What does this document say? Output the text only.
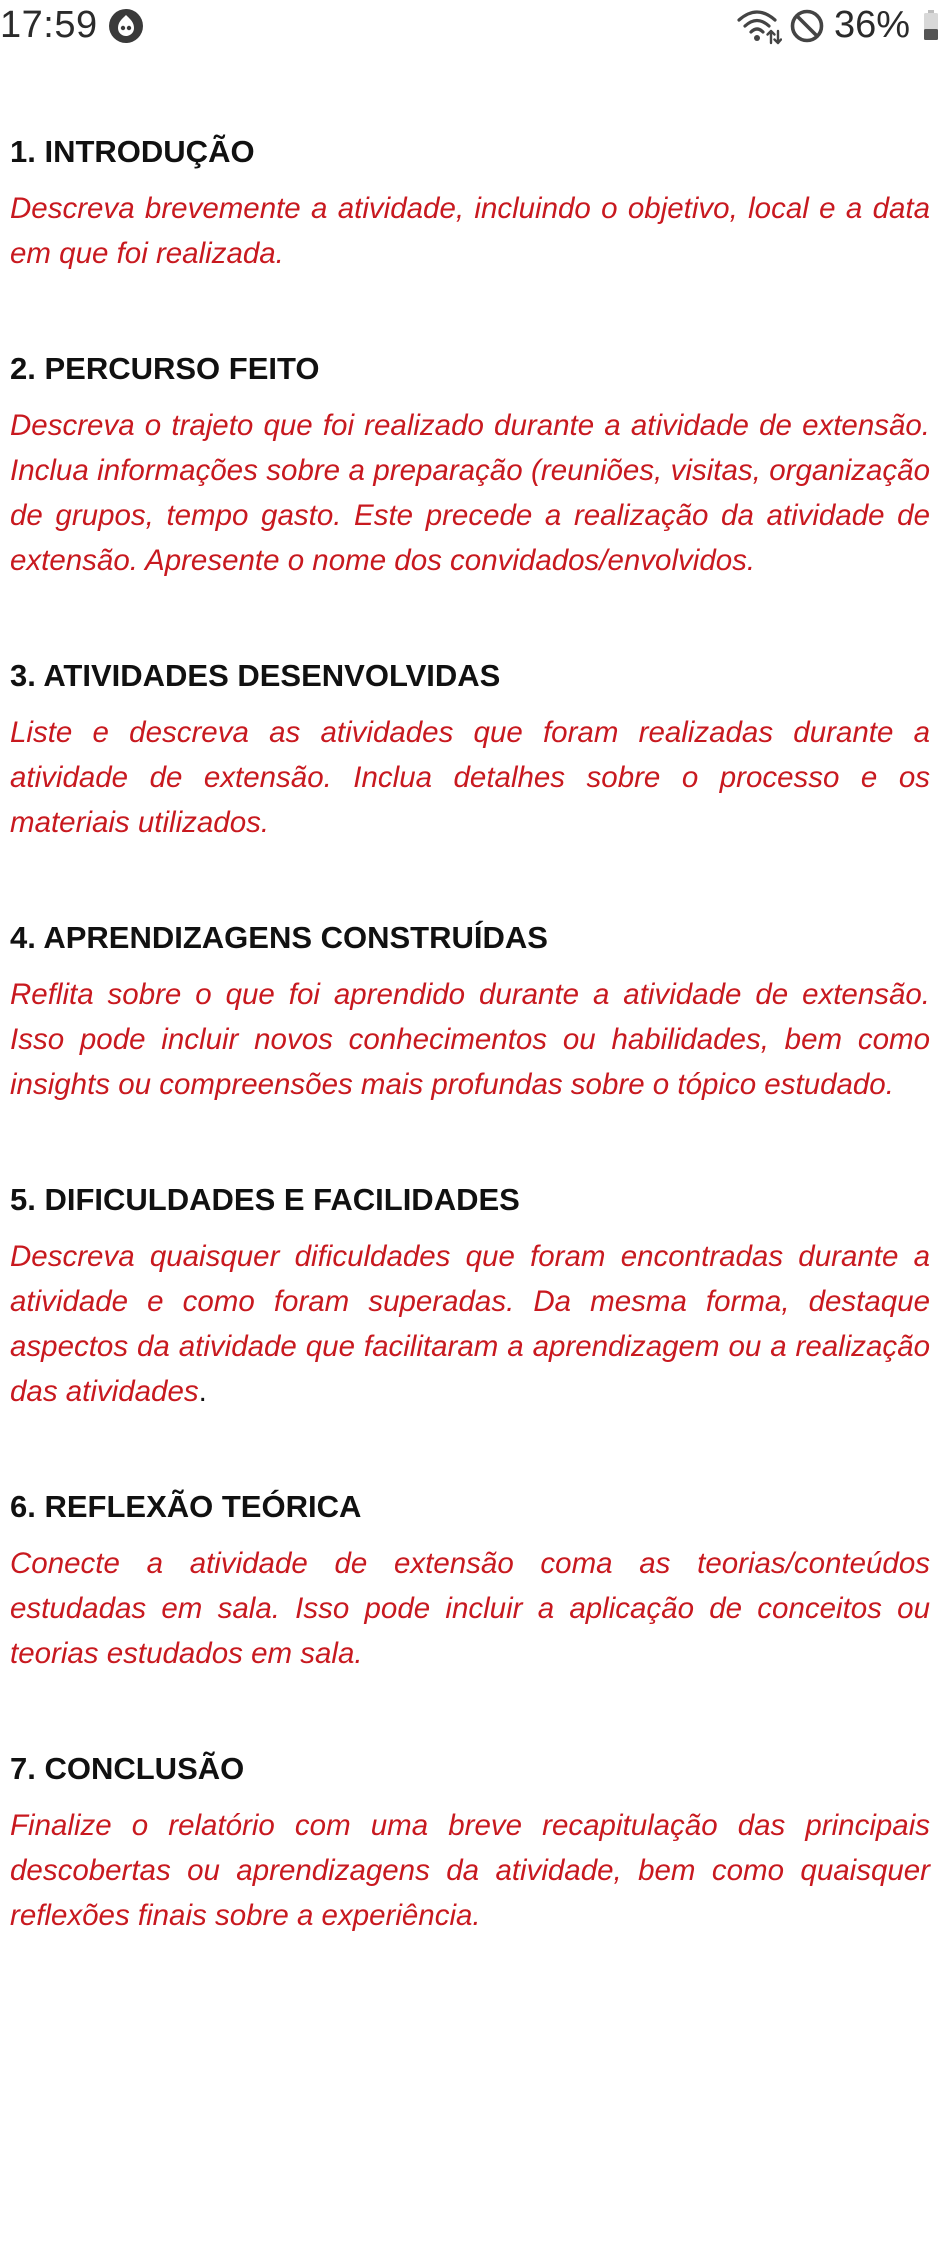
17:59	36%
1. INTRODUÇÃO

Descreva brevemente a atividade, incluindo o objetivo, local e a data em que foi realizada.

2. PERCURSO FEITO

Descreva o trajeto que foi realizado durante a atividade de extensão. Inclua informações sobre a preparação (reuniões, visitas, organização de grupos, tempo gasto. Este precede a realização da atividade de extensão. Apresente o nome dos convidados/envolvidos.

3. ATIVIDADES DESENVOLVIDAS

Liste e descreva as atividades que foram realizadas durante a atividade de extensão. Inclua detalhes sobre o processo e os materiais utilizados.

4. APRENDIZAGENS CONSTRUÍDAS

Reflita sobre o que foi aprendido durante a atividade de extensão. Isso pode incluir novos conhecimentos ou habilidades, bem como insights ou compreensões mais profundas sobre o tópico estudado.

5. DIFICULDADES E FACILIDADES

Descreva quaisquer dificuldades que foram encontradas durante a atividade e como foram superadas. Da mesma forma, destaque aspectos da atividade que facilitaram a aprendizagem ou a realização das atividades.

6. REFLEXÃO TEÓRICA

Conecte a atividade de extensão coma as teorias/conteúdos estudadas em sala. Isso pode incluir a aplicação de conceitos ou teorias estudados em sala.

7. CONCLUSÃO

Finalize o relatório com uma breve recapitulação das principais descobertas ou aprendizagens da atividade, bem como quaisquer reflexões finais sobre a experiência.
